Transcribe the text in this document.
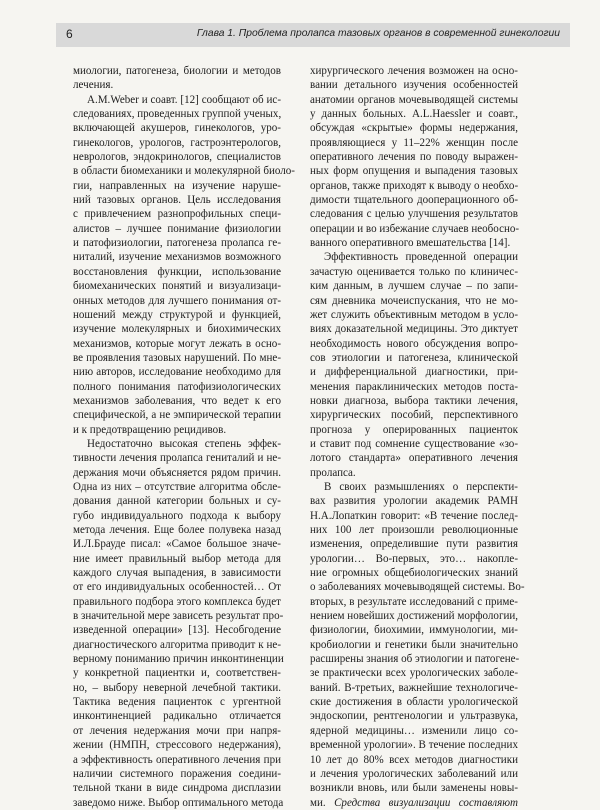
6	Глава 1. Проблема пролапса тазовых органов в современной гинекологии
миологии, патогенеза, биологии и методов
лечения.
A.M.Weber и соавт. [12] сообщают об ис-
следованиях, проведенных группой ученых,
включающей акушеров, гинекологов, уро-
гинекологов, урологов, гастроэнтерологов,
неврологов, эндокринологов, специалистов
в области биомеханики и молекулярной биоло-
гии, направленных на изучение наруше-
ний тазовых органов. Цель исследования
с привлечением разнопрофильных специ-
алистов – лучшее понимание физиологии
и патофизиологии, патогенеза пролапса ге-
ниталий, изучение механизмов возможного
восстановления функции, использование
биомеханических понятий и визуализаци-
онных методов для лучшего понимания от-
ношений между структурой и функцией,
изучение молекулярных и биохимических
механизмов, которые могут лежать в осно-
ве проявления тазовых нарушений. По мне-
нию авторов, исследование необходимо для
полного понимания патофизиологических
механизмов заболевания, что ведет к его
специфической, а не эмпирической терапии
и к предотвращению рецидивов.
Недостаточно высокая степень эффек-
тивности лечения пролапса гениталий и не-
держания мочи объясняется рядом причин.
Одна из них – отсутствие алгоритма обсле-
дования данной категории больных и су-
губо индивидуального подхода к выбору
метода лечения. Еще более полувека назад
И.Л.Брауде писал: «Самое большое значе-
ние имеет правильный выбор метода для
каждого случая выпадения, в зависимости
от его индивидуальных особенностей… От
правильного подбора этого комплекса будет
в значительной мере зависеть результат про-
изведенной операции» [13]. Несобгодение
диагностического алгоритма приводит к не-
верному пониманию причин инконтиненции
у конкретной пациентки и, соответствен-
но, – выбору неверной лечебной тактики.
Тактика ведения пациенток с ургентной
инконтиненцией радикально отличается
от лечения недержания мочи при напря-
жении (НМПН, стрессового недержания),
а эффективность оперативного лечения при
наличии системного поражения соедини-
тельной ткани в виде синдрома дисплазии
заведомо ниже. Выбор оптимального метода
хирургического лечения возможен на осно-
вании детального изучения особенностей
анатомии органов мочевыводящей системы
у данных больных. A.L.Haessler и соавт.,
обсуждая «скрытые» формы недержания,
проявляющиеся у 11–22% женщин после
оперативного лечения по поводу выражен-
ных форм опущения и выпадения тазовых
органов, также приходят к выводу о необхо-
димости тщательного дооперационного об-
следования с целью улучшения результатов
операции и во избежание случаев необосно-
ванного оперативного вмешательства [14].
Эффективность проведенной операции
зачастую оценивается только по клиничес-
ким данным, в лучшем случае – по запи-
сям дневника мочеиспускания, что не мо-
жет служить объективным методом в усло-
виях доказательной медицины. Это диктует
необходимость нового обсуждения вопро-
сов этиологии и патогенеза, клинической
и дифференциальной диагностики, при-
менения параклинических методов поста-
новки диагноза, выбора тактики лечения,
хирургических пособий, перспективного
прогноза у оперированных пациенток
и ставит под сомнение существование «зо-
лотого стандарта» оперативного лечения
пролапса.
В своих размышлениях о перспекти-
вах развития урологии академик РАМН
Н.А.Лопаткин говорит: «В течение послед-
них 100 лет произошли революционные
изменения, определившие пути развития
урологии… Во-первых, это… накопле-
ние огромных общебиологических знаний
о заболеваниях мочевыводящей системы. Во-
вторых, в результате исследований с приме-
нением новейших достижений морфологии,
физиологии, биохимии, иммунологии, ми-
кробиологии и генетики были значительно
расширены знания об этиологии и патогене-
зе практически всех урологических заболе-
ваний. В-третьих, важнейшие технологиче-
ские достижения в области урологической
эндоскопии, рентгенологии и ультразвука,
ядерной медицины… изменили лицо со-
временной урологии». В течение последних
10 лет до 80% всех методов диагностики
и лечения урологических заболеваний или
возникли вновь, или были заменены новы-
ми. Средства визуализации составляют
